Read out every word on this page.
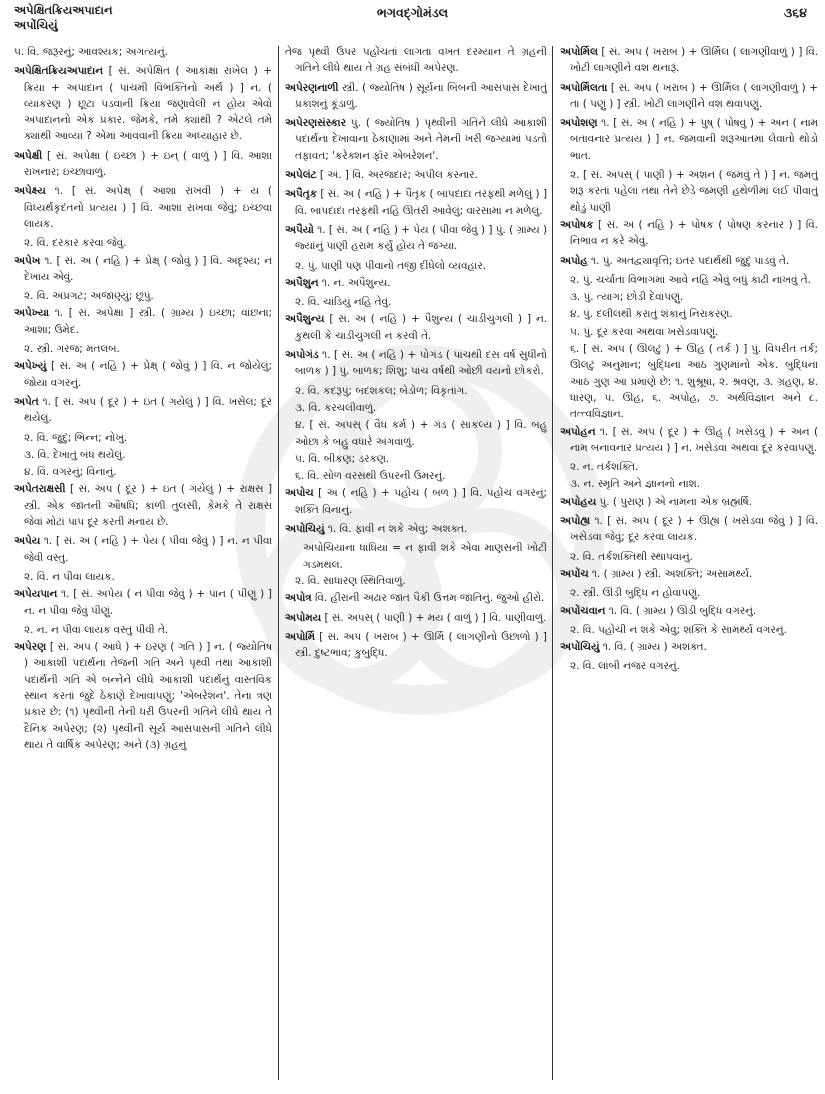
અપેક્ષિતક્રિયઅપાદાન
અપોંચિયું
ભગવદ્ગોમંડલ	૩૬૪

૫. વિ. જરૂરનું; આવશ્યક; અગત્યનું.

અપેક્ષિતક્રિયઅપાદાન [ સં. અપેક્ષિત ( આકાંક્ષા રાખેલ ) + ક્રિયા + અપાદાન ( પાંચમી વિભક્તિનો અર્થ ) ] ન. ( વ્યાકરણ ) છૂટા પડવાની ક્રિયા જણાવેલી ન હોય એવો અપાદાનનો એક પ્રકાર. જેમકે, તમે ક્યાંથી ? એટલે તમે ક્યાંથી આવ્યા ? એમાં આવવાની ક્રિયા અધ્યાહાર છે.

અપેક્ષી [ સં. અપેક્ષા ( ઇચ્છા ) + ઇન્ ( વાળું ) ] વિ. આશા રાખનાર; ઇચ્છાવાળું.

અપેક્ષ્ય ૧. [ સં. અપેક્ષ્ ( આશા રાખવી ) + ય ( વિધ્યર્થકૃદંતનો પ્રત્યય ) ] વિ. આશા રાખવા જેવું; ઇચ્છવા લાયક.

૨. વિ. દરકાર કરવા જેવું.

અપેખ ૧. [ સં. અ ( નહિ ) + પ્રેક્ષ્ ( જોવું ) ] વિ. અદૃશ્ય; ન દેખાય એવું.

૨. વિ. અપ્રગટ; અજાણ્યું; છૂપું.

અપેખ્યા ૧. [ સં. અપેક્ષા ] સ્ત્રી. ( ગ્રામ્ય ) ઇચ્છા; વાંછના; આશા; ઉમેદ.

૨. સ્ત્રી. ગરજ; મતલબ.

અપેખ્યું [ સં. અ ( નહિ ) + પ્રેક્ષ્ ( જોવું ) ] વિ. ન જોયેલું; જોયા વગરનું.

અપેત ૧. [ સં. અપ ( દૂર ) + ઇત ( ગયેલું ) ] વિ. ખસેલ; દૂર થયેલું.

૨. વિ. જુદું; ભિન્ન; નોખું.

૩. વિ. દેખાતું બંધ થયેલું.

૪. વિ. વગરનું; વિનાનું.

અપેતરાક્ષસી [ સં. અપ ( દૂર ) + ઇત ( ગયેલું ) + રાક્ષસ ] સ્ત્રી. એક જાતની ઔષધિ; કાળી તુલસી, કેમકે તે રાક્ષસ જેવાં મોટાં પાપ દૂર કરતી મનાય છે.

અપેય ૧. [ સં. અ ( નહિ ) + પેય ( પીવા જેવું ) ] ન. ન પીવા જેવી વસ્તુ.

૨. વિ. ન પીવા લાયક.

અપેયપાન ૧. [ સં. અપેય ( ન પીવા જેવું ) + પાન ( પીણું ) ] ન. ન પીવા જેવું પીણું.

૨. ન. ન પીવા લાયક વસ્તુ પીવી તે.

અપેરણ [ સં. અપ ( આધે ) + ઇરણ ( ગતિ ) ] ન. ( જ્યોતિષ ) આકાશી પદાર્થના તેજની ગતિ અને પૃથ્વી તથા આકાશી પદાર્થની ગતિ એ બન્નેને લીધે આકાશી પદાર્થનું વાસ્તવિક સ્થાન કરતાં જુદે ઠેકાણે દેખાવાપણું; 'એબરેશન'. તેના ત્રણ પ્રકાર છે: (૧) પૃથ્વીની તેની ધરી ઉપરની ગતિને લીધે થાય તે દૈનિક અપેરણ; (૨) પૃથ્વીની સૂર્ય આસપાસની ગતિને લીધે થાય તે વાર્ષિક અપેરણ; અને (૩) ગ્રહનું

તેજ પૃથ્વી ઉપર પહોંચતાં લાગતા વખત દરમ્યાન તે ગ્રહની ગતિને લીધે થાય તે ગ્રહ સંબંધી અપેરણ.

અપેરણનાળી સ્ત્રી. ( જ્યોતિષ ) સૂર્યના બિંબની આસપાસ દેખાતું પ્રકાશનું કૂંડાળું.

અપેરણસંસ્કાર પું. ( જ્યોતિષ ) પૃથ્વીની ગતિને લીધે આકાશી પદાર્થના દેખાવાના ઠેકાણામાં અને તેમની ખરી જગ્યામાં પડતો તફાવત; 'કરેક્શન ફૉર એબરેશન'.

અપેલંટ [ અં. ] વિ. અરજદાર; અપીલ કરનાર.

અપૈતૃક [ સં. અ ( નહિ ) + પૈતૃક ( બાપદાદા તરફથી મળેલું ) ] વિ. બાપદાદા તરફથી નહિ ઊતરી આવેલું; વારસામાં ન મળેલું.

અપૈયો ૧. [ સં. અ ( નહિ ) + પેય ( પીવા જેવું ) ] પું. ( ગ્રામ્ય ) જ્યાંનું પાણી હરામ કર્યું હોય તે જગ્યા.

૨. પું. પાણી પણ પીવાનો તજી દીધેલો વ્યવહાર.

અપૈશુન ૧. ન. અપૈશુન્ય.

૨. વિ. ચાડિયું નહિ તેવું.

અપૈશુન્ય [ સં. અ ( નહિ ) + પૈશુન્ય ( ચાડીચુગલી ) ] ન. કુથલી કે ચાડીચુગલી ન કરવી તે.

અપોગંડ ૧. [ સં. અ ( નહિ ) + પોગંડ ( પાંચથી દસ વર્ષ સુધીનો બાળક ) ] પું. બાળક; શિશુ; પાંચ વર્ષથી ઓછી વયનો છોકરો.

૨. વિ. કદરૂપું; બદશકલ; બેડોળ; વિકૃતાંગ.

૩. વિ. કરચલીવાળું.

૪. [ સં. અપસ્ ( વૈધ કર્મ ) + ગંડ ( સાકલ્ય ) ] વિ. બહુ ઓછા કે બહુ વધારે અંગવાળું.

૫. વિ. બીકણ; ડરકણ.

૬. વિ. સોળ વરસથી ઉપરની ઉમરનું.

અપોચ [ અ ( નહિ ) + પહોંચ ( બળ ) ] વિ. પહોંચ વગરનું; શક્તિ વિનાનું.

અપોચિયું ૧. વિ. ફાવી ન શકે એવું; અશક્ત.

અપોચિયાના ધાંધિયા = ન ફાવી શકે એવા માણસની ખોટી ગડમથલ.

૨. વિ. સાધારણ સ્થિતિવાળું.

અપોત્ર વિ. હીરાની અઢાર જાત પૈકી ઉત્તમ જાતિનું. જુઓ હીરો.

અપોમય [ સં. અપસ્ ( પાણી ) + મય ( વાળું ) ] વિ. પાણીવાળું.

અપોર્મિ [ સં. અપ ( ખરાબ ) + ઊર્મિ ( લાગણીનો ઉછાળો ) ] સ્ત્રી. દુષ્ટભાવ; કુબુદ્ધિ.

અપોર્મિલ [ સં. અપ ( ખરાબ ) + ઊર્મિલ ( લાગણીવાળું ) ] વિ. ખોટી લાગણીને વશ થનારૂં.

અપોર્મિલતા [ સં. અપ ( ખરાબ ) + ઊર્મિલ ( લાગણીવાળું ) + તા ( પણું ) ] સ્ત્રી. ખોટી લાગણીને વશ થવાપણું.

અપોશણ ૧. [ સં. અ ( નહિ ) + પુષ્ ( પોષવું ) + અન ( નામ બતાવનાર પ્રત્યય ) ] ન. જમવાની શરૂઆતમાં લેવાતો થોડો ભાત.

૨. [ સં. અપસ્ ( પાણી ) + અશન ( જમવું તે ) ] ન. જમતું શરૂ કરતાં પહેલાં તથા તેને છેડે જમણી હથેળીમાં લઈ પીવાતું થોડું પાણી

અપોષક [ સં. અ ( નહિ ) + પોષક ( પોષણ કરનાર ) ] વિ. નિભાવ ન કરે એવું.

અપોહ ૧. પું. અતદ્વ્યાવૃત્તિ; ઇતર પદાર્થથી જુદું પાડવું તે.

૨. પું. ચર્ચાતા વિભાગમાં આવે નહિ એવું બધું કાઢી નાખવું તે.

૩. પું. ત્યાગ; છોડી દેવાપણું.

૪. પું. દલીલથી કરાતું શંકાનું નિરાકરણ.

૫. પું. દૂર કરવા અથવા ખસેડવાપણું.

૬. [ સં. અપ ( ઊલટું ) + ઊહ ( તર્ક ) ] પું. વિપરીત તર્ક; ઊલટું અનુમાન; બુદ્ધિના આઠ ગુણમાંનો એક. બુદ્ધિના આઠ ગુણ આ પ્રમાણે છે: ૧. શુશ્રૂષા, ૨. શ્રવણ, ૩. ગ્રહણ, ૪. ધારણ, ૫. ઊહ, ૬. અપોહ, ૭. અર્થવિજ્ઞાન અને ૮. તત્ત્વવિજ્ઞાન.

અપોહન ૧. [ સં. અપ ( દૂર ) + ઊહ્ ( ખસેડવું ) + અન ( નામ બનાવનાર પ્રત્યય ) ] ન. ખસેડવા અથવા દૂર કરવાપણું.

૨. ન. તર્કશક્તિ.

૩. ન. સ્મૃતિ અને જ્ઞાનનો નાશ.

અપોહય પું. ( પુરાણ ) એ નામના એક બ્રહ્મર્ષિ.

અપોહ્ય ૧. [ સં. અપ ( દૂર ) + ઊહ્ય ( ખસેડવા જેવું ) ] વિ. ખસેડવા જેવું; દૂર કરવા લાયક.

૨. વિ. તર્કશક્તિથી સ્થાપવાનું.

અપોંચ ૧. ( ગ્રામ્ય ) સ્ત્રી. અશક્તિ; અસામર્થ્ય.

૨. સ્ત્રી. ઊંડી બુદ્ધિ ન હોવાપણું.

અપોંચવાન ૧. વિ. ( ગ્રામ્ય ) ઊંડી બુદ્ધિ વગરનું.

૨. વિ. પહોંચી ન શકે એવું; શક્તિ કે સામર્થ્ય વગરનું.

અપોંચિયું ૧. વિ. ( ગ્રામ્ય ) અશક્ત.

૨. વિ. લાંબી નજર વગરનું.
